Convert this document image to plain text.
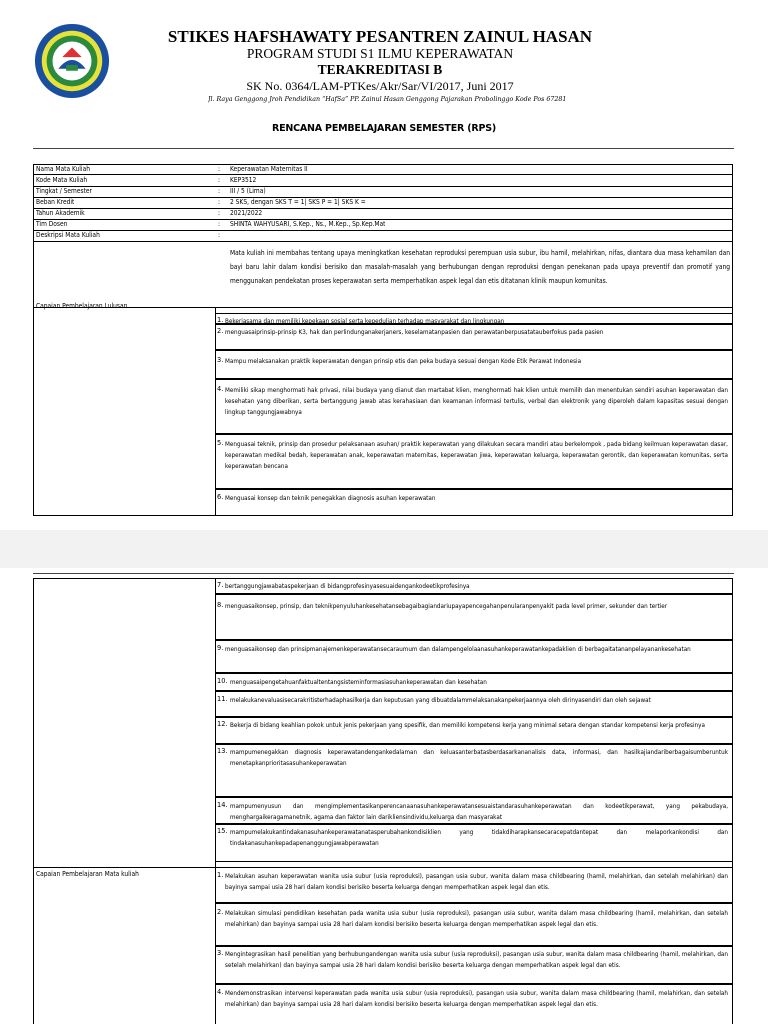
STIKES HAFSHAWATY PESANTREN ZAINUL HASAN
PROGRAM STUDI S1 ILMU KEPERAWATAN
TERAKREDITASI B
SK No. 0364/LAM-PTKes/Akr/Sar/VI/2017, Juni 2017
Jl. Raya Genggong Jroh Pendidikan “HafSa” PP. Zainul Hasan Genggong Pajarakan Probolinggo Kode Pos 67281
RENCANA PEMBELAJARAN SEMESTER (RPS)
Nama Mata Kuliah	: Keperawatan Maternitas II
Kode Mata Kuliah	: KEP3512
Tingkat / Semester	: III / 5 (Lima)
Beban Kredit	: 2 SKS, dengan SKS T = 1| SKS P = 1| SKS K =
Tahun Akademik	: 2021/2022
Tim Dosen	: SHINTA WAHYUSARI, S.Kep., Ns., M.Kep., Sp.Kep.Mat
Deskripsi Mata Kuliah	:
Mata kuliah ini membahas tentang upaya meningkatkan kesehatan reproduksi perempuan usia subur, ibu hamil, melahirkan, nifas, diantara dua masa kehamilan dan bayi baru lahir dalam kondisi berisiko dan masalah-masalah yang berhubungan dengan reproduksi dengan penekanan pada upaya preventif dan promotif yang menggunakan pendekatan proses keperawatan serta memperhatikan aspek legal dan etis ditatanan klinik maupun komunitas.
Capaian Pembelajaran Lulusan
1. Bekerjasama dan memiliki kepekaan sosial serta kepedulian terhadap masyarakat dan lingkungan
2. menguasaiprinsip-prinsip K3, hak dan perlindunganakerjaners, keselamatanpasien dan perawatanberpusatatauberfokus pada pasien
3. Mampu melaksanakan praktik keperawatan dengan prinsip etis dan peka budaya sesuai dengan Kode Etik Perawat Indonesia
4. Memiliki sikap menghormati hak privasi, nilai budaya yang dianut dan martabat klien, menghormati hak klien untuk memilih dan menentukan sendiri asuhan keperawatan dan kesehatan yang diberikan, serta bertanggung jawab atas kerahasiaan dan keamanan informasi tertulis, verbal dan elektronik yang diperoleh dalam kapasitas sesuai dengan lingkup tanggungjawabnya
5. Menguasai teknik, prinsip dan prosedur pelaksanaan asuhan/ praktik keperawatan yang dilakukan secara mandiri atau berkelompok , pada bidang keilmuan keperawatan dasar, keperawatan medikal bedah, keperawatan anak, keperawatan maternitas, keperawatan jiwa, keperawatan keluarga, keperawatan gerontik, dan keperawatan komunitas, serta keperawatan bencana
6. Menguasai konsep dan teknik penegakkan diagnosis asuhan keperawatan
7. bertanggungjawabataspekerjaan di bidangprofesinyasesuaidengankodeetikprofesinya
8. menguasaikonsep, prinsip, dan teknikpenyuluhankesehatansebagaibagiandariupayapencegahanpenularanpenyakit pada level primer, sekunder dan tertier
9. menguasaikonsep dan prinsipmanajemenkeperawatansecaraumum dan dalampengelolaanasuhankeperawatankepadaklien di berbagaitatananpelayanankesehatan
10. menguasaipengetahuanfaktualtentangsisteminformasiasuhankeperawatan dan kesehatan
11. melakukanevaluasisecarakritisterhadaphasilkerja dan keputusan yang dibuatdalammelaksanakanpekerjaannya oleh dirinyasendiri dan oleh sejawat
12. Bekerja di bidang keahlian pokok untuk jenis pekerjaan yang spesifik, dan memiliki kompetensi kerja yang minimal setara dengan standar kompetensi kerja profesinya
13. mampumenegakkan diagnosis keperawatandengankedalaman dan keluasanterbatasberdasarkananalisis data, informasi, dan hasilkajiandariberbagaisumberuntuk menetapkanprioritasasuhankeperawatan
14. mampumenyusun dan mengimplementasikanperencanaanasuhankeperawatansesuaistandarasuhankeperawatan dan kodeetikperawat, yang pekabudaya, menghargaikeragamanetnik, agama dan faktor lain darikliensindividu,keluarga dan masyarakat
15. mampumelakukantindakanasuhankeperawatanatasperubahankondisiklien yang tidakdiharapkansecaracepatdantepat dan melaporkankondisi dan tindakanasuhankepadapenanggungjawabperawatan
Capaian Pembelajaran Mata kuliah	1. Melakukan asuhan keperawatan wanita usia subur (usia reproduksi), pasangan usia subur, wanita dalam masa childbearing (hamil, melahirkan, dan setelah melahirkan) dan bayinya sampai usia 28 hari dalam kondisi berisiko beserta keluarga dengan memperhatikan aspek legal dan etis.
2. Melakukan simulasi pendidikan kesehatan pada wanita usia subur (usia reproduksi), pasangan usia subur, wanita dalam masa childbearing (hamil, melahirkan, dan setelah melahirkan) dan bayinya sampai usia 28 hari dalam kondisi berisiko beserta keluarga dengan memperhatikan aspek legal dan etis.
3. Mengintegrasikan hasil penelitian yang berhubungandengan wanita usia subur (usia reproduksi), pasangan usia subur, wanita dalam masa childbearing (hamil, melahirkan, dan setelah melahirkan) dan bayinya sampai usia 28 hari dalam kondisi berisiko beserta keluarga dengan memperhatikan aspek legal dan etis.
4. Mendemonstrasikan intervensi keperawatan pada wanita usia subur (usia reproduksi), pasangan usia subur, wanita dalam masa childbearing (hamil, melahirkan, dan setelah melahirkan) dan bayinya sampai usia 28 hari dalam kondisi berisiko beserta keluarga dengan memperhatikan aspek legal dan etis.
